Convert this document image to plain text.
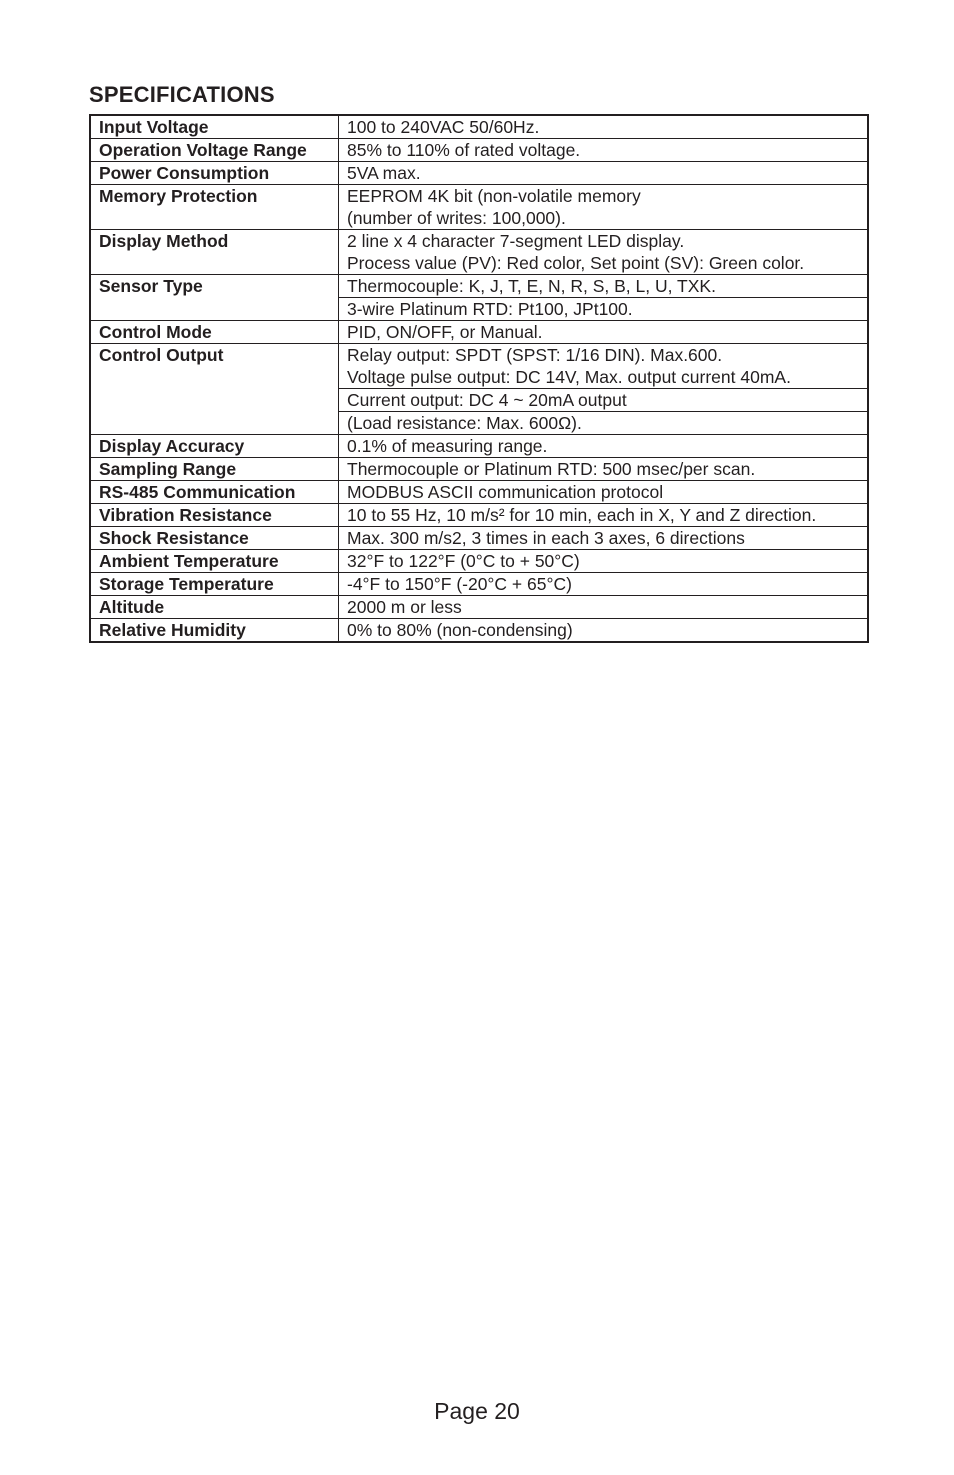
SPECIFICATIONS
Input Voltage	100 to 240VAC 50/60Hz.
Operation Voltage Range	85% to 110% of rated voltage.
Power Consumption	5VA max.
Memory Protection	EEPROM 4K bit (non-volatile memory
	(number of writes: 100,000).
Display Method	2 line x 4 character 7-segment LED display.
	Process value (PV): Red color, Set point (SV): Green color.
Sensor Type	Thermocouple: K, J, T, E, N, R, S, B, L, U, TXK.
	3-wire Platinum RTD: Pt100, JPt100.
Control Mode	PID, ON/OFF, or Manual.
Control Output	Relay output: SPDT (SPST: 1/16 DIN). Max.600.
	Voltage pulse output: DC 14V, Max. output current 40mA.
	Current output: DC 4 ~ 20mA output
	(Load resistance: Max. 600Ω).
Display Accuracy	0.1% of measuring range.
Sampling Range	Thermocouple or Platinum RTD: 500 msec/per scan.
RS-485 Communication	MODBUS ASCII communication protocol
Vibration Resistance	10 to 55 Hz, 10 m/s² for 10 min, each in X, Y and Z direction.
Shock Resistance	Max. 300 m/s2, 3 times in each 3 axes, 6 directions
Ambient Temperature	32°F to 122°F (0°C to + 50°C)
Storage Temperature	-4°F to 150°F (-20°C + 65°C)
Altitude	2000 m or less
Relative Humidity	0% to 80% (non-condensing)
Page 20
